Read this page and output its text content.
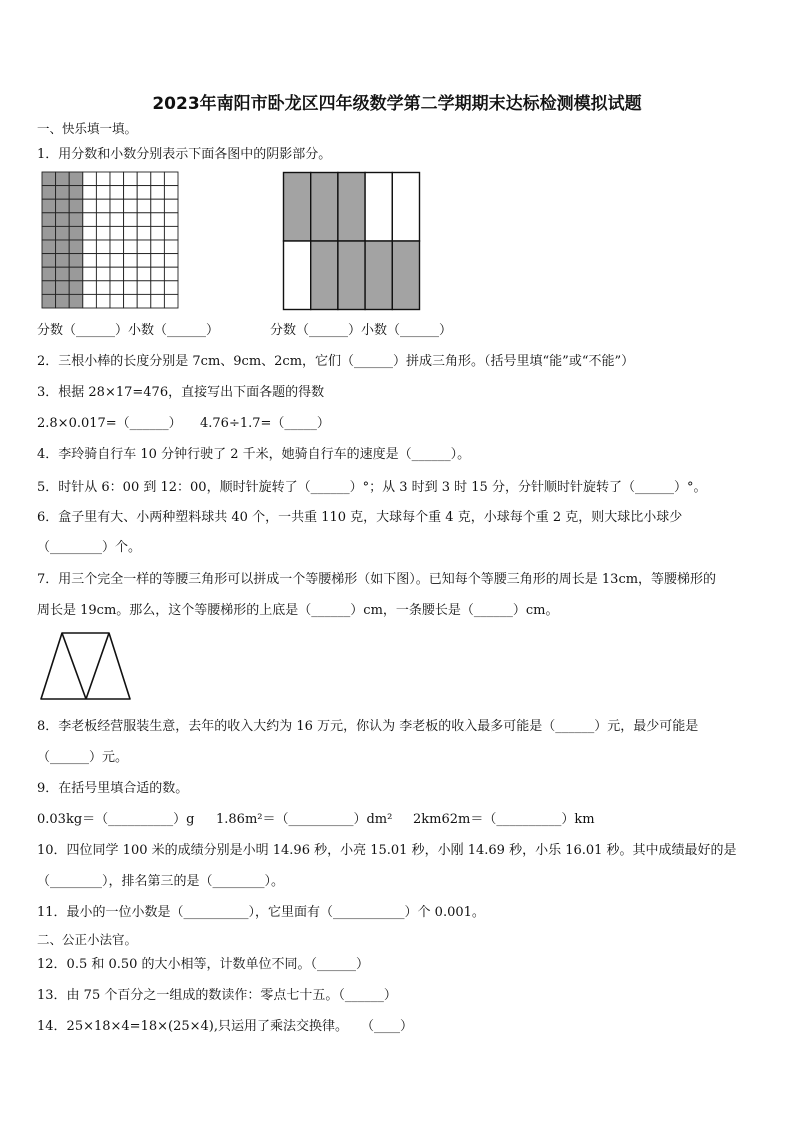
2023年南阳市卧龙区四年级数学第二学期期末达标检测模拟试题
一、快乐填一填。
1．用分数和小数分别表示下面各图中的阴影部分。
分数（______）小数（______）	分数（______）小数（______）
2．三根小棒的长度分别是 7cm、9cm、2cm，它们（______）拼成三角形。（括号里填“能”或“不能”）
3．根据 28×17=476，直接写出下面各题的得数
2.8×0.017=（______） 4.76÷1.7=（_____）
4．李玲骑自行车 10 分钟行驶了 2 千米，她骑自行车的速度是（______）。
5．时针从 6：00 到 12：00，顺时针旋转了（______）°；从 3 时到 3 时 15 分，分针顺时针旋转了（______）°。
6．盒子里有大、小两种塑料球共 40 个，一共重 110 克，大球每个重 4 克，小球每个重 2 克，则大球比小球少
（________）个。
7．用三个完全一样的等腰三角形可以拼成一个等腰梯形（如下图）。已知每个等腰三角形的周长是 13cm，等腰梯形的
周长是 19cm。那么，这个等腰梯形的上底是（______）cm，一条腰长是（______）cm。
8．李老板经营服装生意，去年的收入大约为 16 万元，你认为 李老板的收入最多可能是（______）元，最少可能是
（______）元。
9．在括号里填合适的数。
0.03kg＝（__________）g 1.86m²＝（__________）dm² 2km62m＝（__________）km
10．四位同学 100 米的成绩分别是小明 14.96 秒，小亮 15.01 秒，小刚 14.69 秒，小乐 16.01 秒。其中成绩最好的是
（________），排名第三的是（________）。
11．最小的一位小数是（__________），它里面有（___________）个 0.001。
二、公正小法官。
12．0.5 和 0.50 的大小相等，计数单位不同。（______）
13．由 75 个百分之一组成的数读作：零点七十五。（______）
14．25×18×4=18×(25×4),只运用了乘法交换律。　　（____）
